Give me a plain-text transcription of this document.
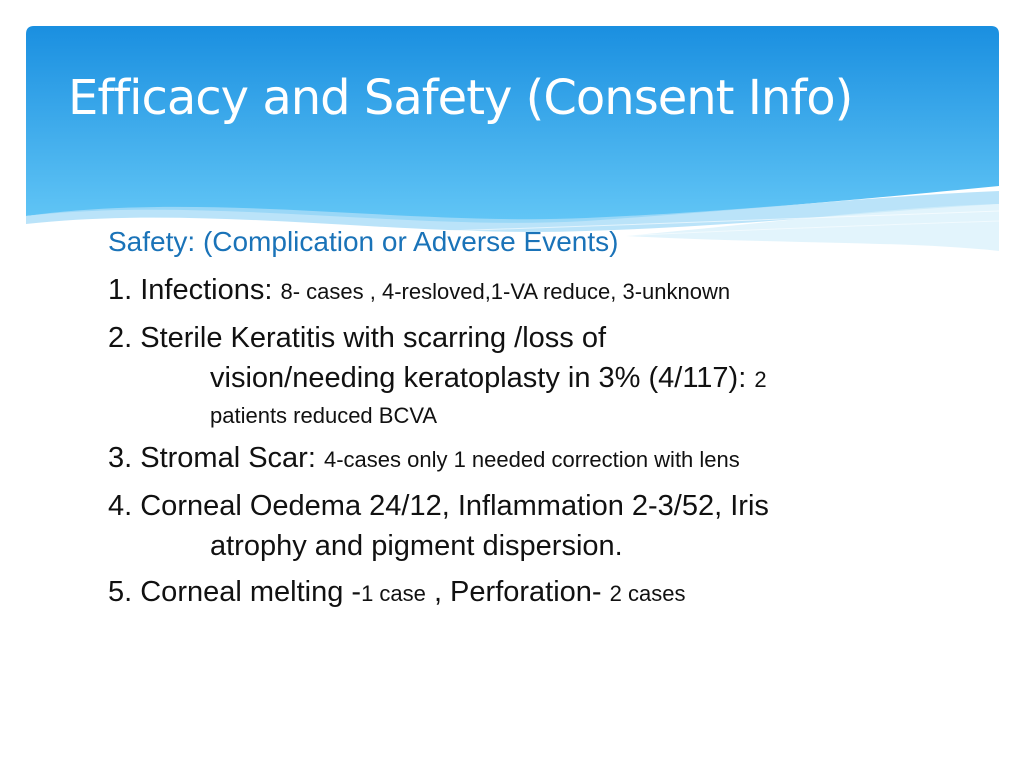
Efficacy and Safety (Consent Info)
Safety: (Complication or Adverse Events)
1. Infections: 8- cases , 4-resloved,1-VA reduce, 3-unknown
2. Sterile Keratitis with scarring /loss of
vision/needing keratoplasty in 3% (4/117): 2
patients reduced BCVA
3. Stromal Scar: 4-cases only 1 needed correction with lens
4. Corneal Oedema 24/12, Inflammation 2-3/52, Iris
atrophy and pigment dispersion.
5. Corneal melting -1 case , Perforation- 2 cases
